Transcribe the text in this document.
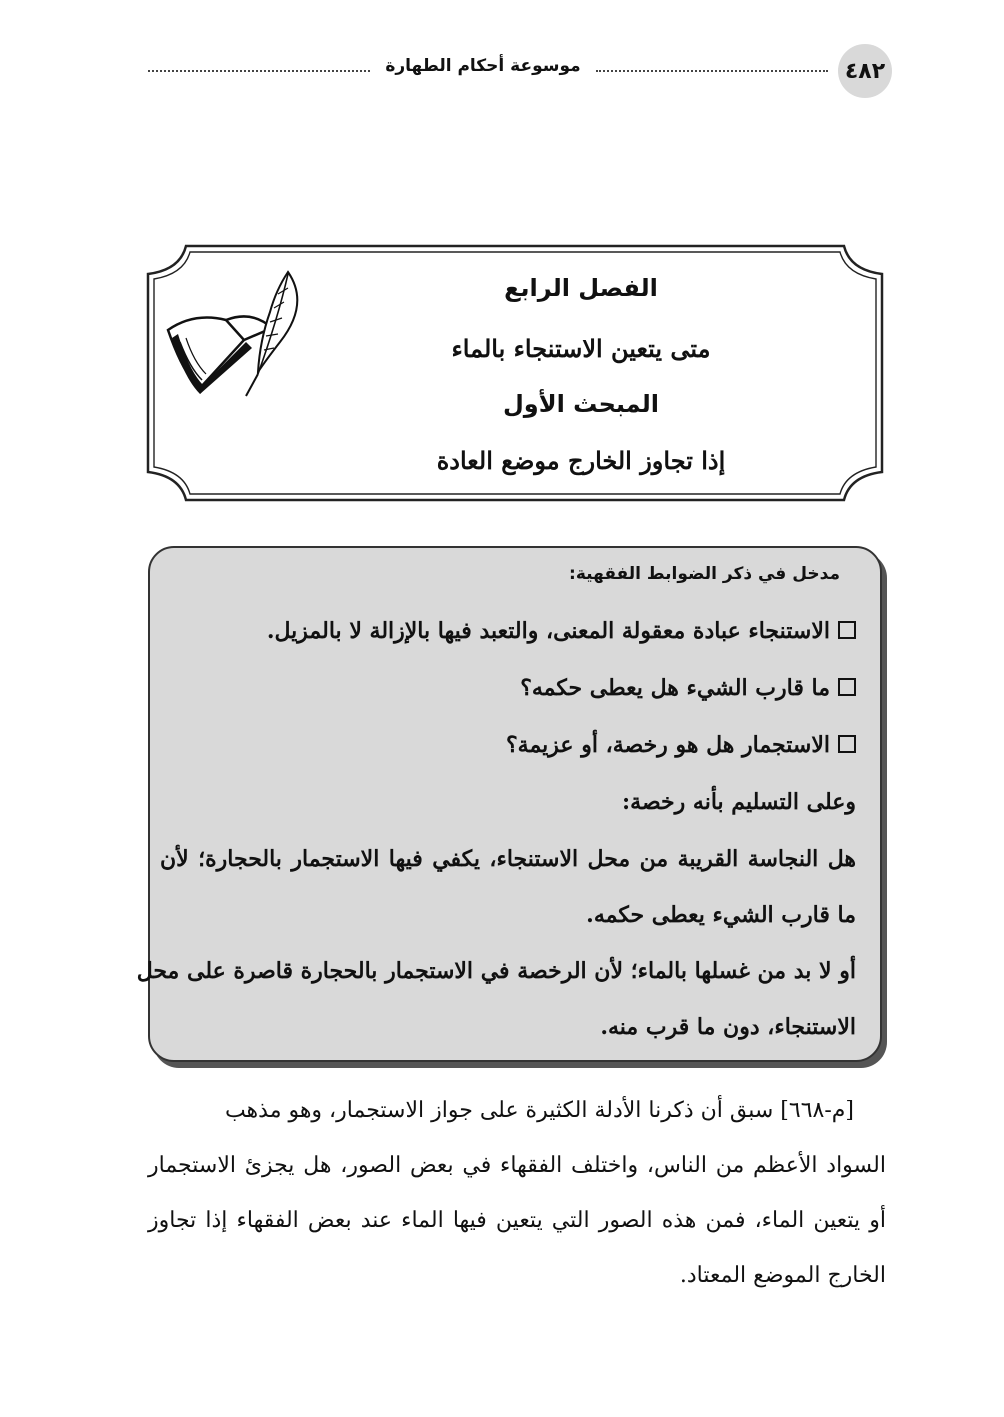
٤٨٢
موسوعة أحكام الطهارة
الفصل الرابع
متى يتعين الاستنجاء بالماء
المبحث الأول
إذا تجاوز الخارج موضع العادة
مدخل في ذكر الضوابط الفقهية:
الاستنجاء عبادة معقولة المعنى، والتعبد فيها بالإزالة لا بالمزيل.
ما قارب الشيء هل يعطى حكمه؟
الاستجمار هل هو رخصة، أو عزيمة؟
وعلى التسليم بأنه رخصة:
هل النجاسة القريبة من محل الاستنجاء، يكفي فيها الاستجمار بالحجارة؛ لأن
ما قارب الشيء يعطى حكمه.
أو لا بد من غسلها بالماء؛ لأن الرخصة في الاستجمار بالحجارة قاصرة على محل
الاستنجاء، دون ما قرب منه.
[م-٦٦٨] سبق أن ذكرنا الأدلة الكثيرة على جواز الاستجمار، وهو مذهب
السواد الأعظم من الناس، واختلف الفقهاء في بعض الصور، هل يجزئ الاستجمار
أو يتعين الماء، فمن هذه الصور التي يتعين فيها الماء عند بعض الفقهاء إذا تجاوز
الخارج الموضع المعتاد.
